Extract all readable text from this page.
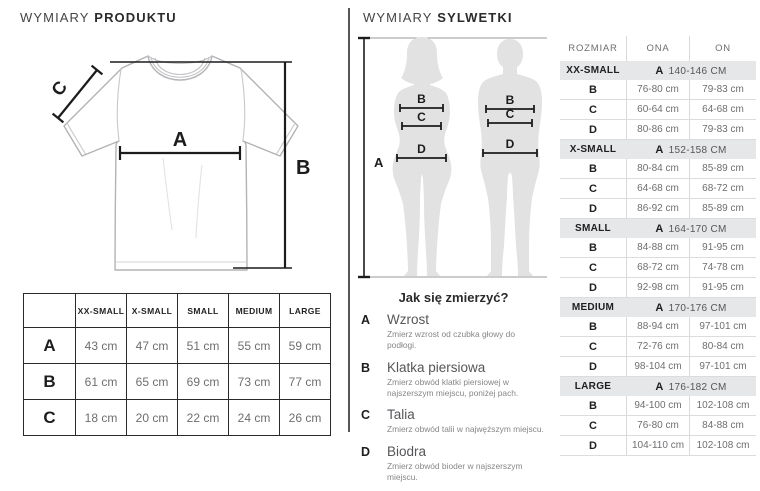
WYMIARY PRODUKTU
A
B
C
	XX-SMALL	X-SMALL	SMALL	MEDIUM	LARGE
A	43 cm	47 cm	51 cm	55 cm	59 cm
B	61 cm	65 cm	69 cm	73 cm	77 cm
C	18 cm	20 cm	22 cm	24 cm	26 cm
WYMIARY SYLWETKI
A
B
C
D
B
C
D
Jak się zmierzyć?
A	Wzrost
Zmierz wzrost od czubka głowy do podłogi.
B	Klatka piersiowa
Zmierz obwód klatki piersiowej w najszerszym miejscu, poniżej pach.
C	Talia
Zmierz obwód talii w najwęższym miejscu.
D	Biodra
Zmierz obwód bioder w najszerszym miejscu.
ROZMIAR	ONA	ON
XX-SMALL	A 140-146 CM
B	76-80 cm	79-83 cm
C	60-64 cm	64-68 cm
D	80-86 cm	79-83 cm
X-SMALL	A 152-158 CM
B	80-84 cm	85-89 cm
C	64-68 cm	68-72 cm
D	86-92 cm	85-89 cm
SMALL	A 164-170 CM
B	84-88 cm	91-95 cm
C	68-72 cm	74-78 cm
D	92-98 cm	91-95 cm
MEDIUM	A 170-176 CM
B	88-94 cm	97-101 cm
C	72-76 cm	80-84 cm
D	98-104 cm	97-101 cm
LARGE	A 176-182 CM
B	94-100 cm	102-108 cm
C	76-80 cm	84-88 cm
D	104-110 cm	102-108 cm
